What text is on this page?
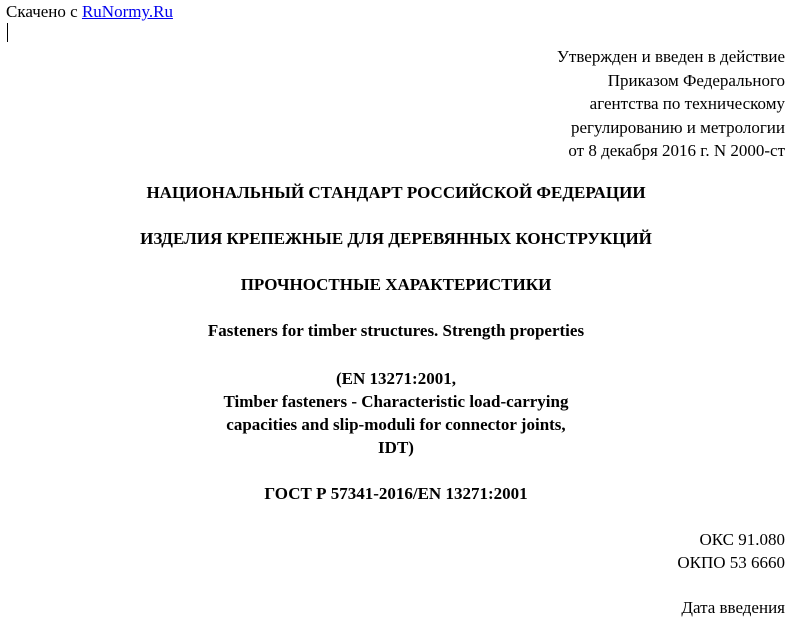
Скачено с RuNormy.Ru
Утвержден и введен в действие
Приказом Федерального
агентства по техническому
регулированию и метрологии
от 8 декабря 2016 г. N 2000-ст
НАЦИОНАЛЬНЫЙ СТАНДАРТ РОССИЙСКОЙ ФЕДЕРАЦИИ
ИЗДЕЛИЯ КРЕПЕЖНЫЕ ДЛЯ ДЕРЕВЯННЫХ КОНСТРУКЦИЙ
ПРОЧНОСТНЫЕ ХАРАКТЕРИСТИКИ
Fasteners for timber structures. Strength properties
(EN 13271:2001,
Timber fasteners - Characteristic load-carrying
capacities and slip-moduli for connector joints,
IDT)
ГОСТ Р 57341-2016/EN 13271:2001
ОКС 91.080
ОКПО 53 6660
Дата введения
